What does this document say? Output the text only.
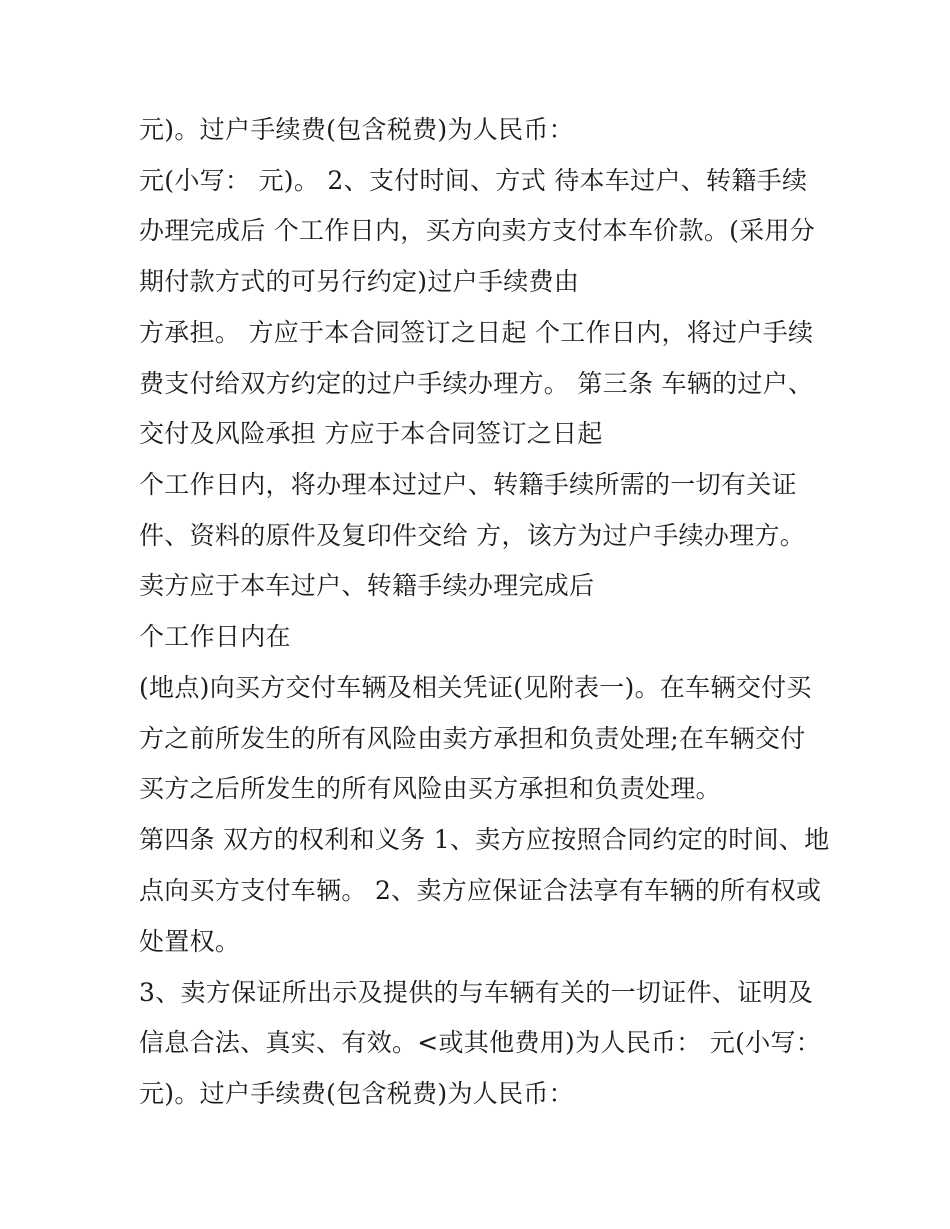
元)。过户手续费(包含税费)为人民币：
元(小写： 元)。 2、支付时间、方式 待本车过户、转籍手续
办理完成后 个工作日内，买方向卖方支付本车价款。(采用分
期付款方式的可另行约定)过户手续费由
方承担。 方应于本合同签订之日起 个工作日内，将过户手续
费支付给双方约定的过户手续办理方。 第三条 车辆的过户、
交付及风险承担 方应于本合同签订之日起
个工作日内，将办理本过过户、转籍手续所需的一切有关证
件、资料的原件及复印件交给 方，该方为过户手续办理方。
卖方应于本车过户、转籍手续办理完成后
个工作日内在
(地点)向买方交付车辆及相关凭证(见附表一)。在车辆交付买
方之前所发生的所有风险由卖方承担和负责处理;在车辆交付
买方之后所发生的所有风险由买方承担和负责处理。
第四条 双方的权利和义务 1、卖方应按照合同约定的时间、地
点向买方支付车辆。 2、卖方应保证合法享有车辆的所有权或
处置权。
3、卖方保证所出示及提供的与车辆有关的一切证件、证明及
信息合法、真实、有效。<或其他费用)为人民币： 元(小写：
元)。过户手续费(包含税费)为人民币：
